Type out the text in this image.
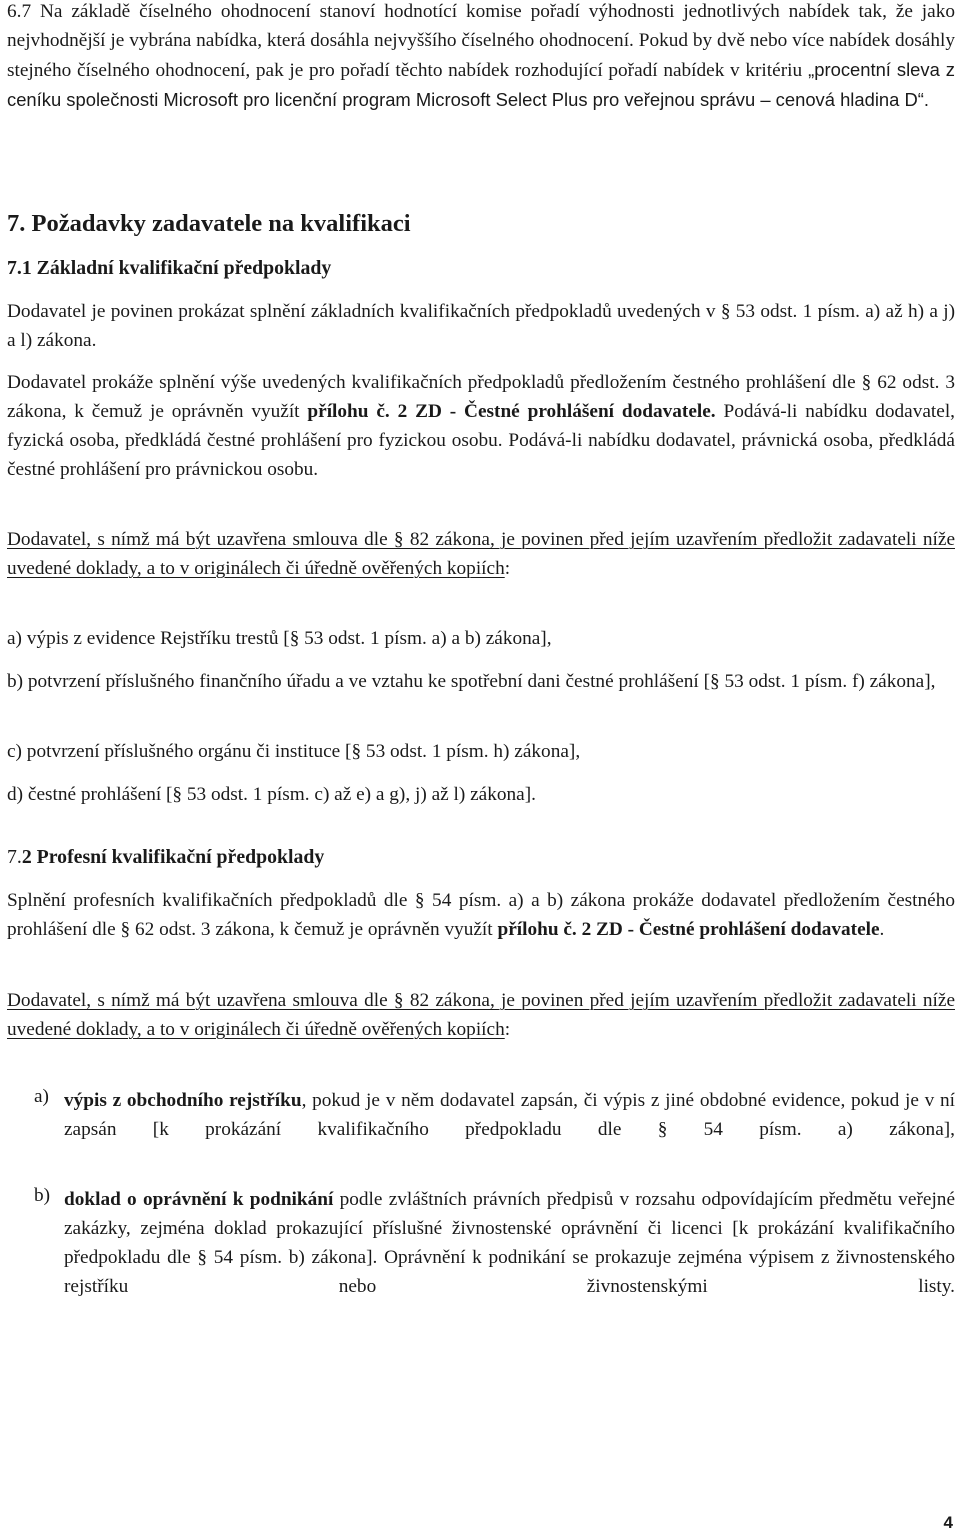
6.7 Na základě číselného ohodnocení stanoví hodnotící komise pořadí výhodnosti jednotlivých nabídek tak, že jako nejvhodnější je vybrána nabídka, která dosáhla nejvyššího číselného ohodnocení. Pokud by dvě nebo více nabídek dosáhly stejného číselného ohodnocení, pak je pro pořadí těchto nabídek rozhodující pořadí nabídek v kritériu „procentní sleva z ceníku společnosti Microsoft pro licenční program Microsoft Select Plus pro veřejnou správu – cenová hladina D“.

7. Požadavky zadavatele na kvalifikaci
7.1 Základní kvalifikační předpoklady

Dodavatel je povinen prokázat splnění základních kvalifikačních předpokladů uvedených v § 53 odst. 1 písm. a) až h) a j) a l) zákona.

Dodavatel prokáže splnění výše uvedených kvalifikačních předpokladů předložením čestného prohlášení dle § 62 odst. 3 zákona, k čemuž je oprávněn využít přílohu č. 2 ZD - Čestné prohlášení dodavatele. Podává-li nabídku dodavatel, fyzická osoba, předkládá čestné prohlášení pro fyzickou osobu. Podává-li nabídku dodavatel, právnická osoba, předkládá čestné prohlášení pro právnickou osobu.

Dodavatel, s nímž má být uzavřena smlouva dle § 82 zákona, je povinen před jejím uzavřením předložit zadavateli níže uvedené doklady, a to v originálech či úředně ověřených kopiích:

a) výpis z evidence Rejstříku trestů [§ 53 odst. 1 písm. a) a b) zákona],

b) potvrzení příslušného finančního úřadu a ve vztahu ke spotřební dani čestné prohlášení [§ 53 odst. 1 písm. f) zákona],

c) potvrzení příslušného orgánu či instituce [§ 53 odst. 1 písm. h) zákona],

d) čestné prohlášení [§ 53 odst. 1 písm. c) až e) a g), j) až l) zákona].

7.2 Profesní kvalifikační předpoklady

Splnění profesních kvalifikačních předpokladů dle § 54 písm. a) a b) zákona prokáže dodavatel předložením čestného prohlášení dle § 62 odst. 3 zákona, k čemuž je oprávněn využít přílohu č. 2 ZD - Čestné prohlášení dodavatele.

Dodavatel, s nímž má být uzavřena smlouva dle § 82 zákona, je povinen před jejím uzavřením předložit zadavateli níže uvedené doklady, a to v originálech či úředně ověřených kopiích:

a) výpis z obchodního rejstříku, pokud je v něm dodavatel zapsán, či výpis z jiné obdobné evidence, pokud je v ní zapsán [k prokázání kvalifikačního předpokladu dle § 54 písm. a) zákona],

b) doklad o oprávnění k podnikání podle zvláštních právních předpisů v rozsahu odpovídajícím předmětu veřejné zakázky, zejména doklad prokazující příslušné živnostenské oprávnění či licenci [k prokázání kvalifikačního předpokladu dle § 54 písm. b) zákona]. Oprávnění k podnikání se prokazuje zejména výpisem z živnostenského rejstříku nebo živnostenskými listy.

4
